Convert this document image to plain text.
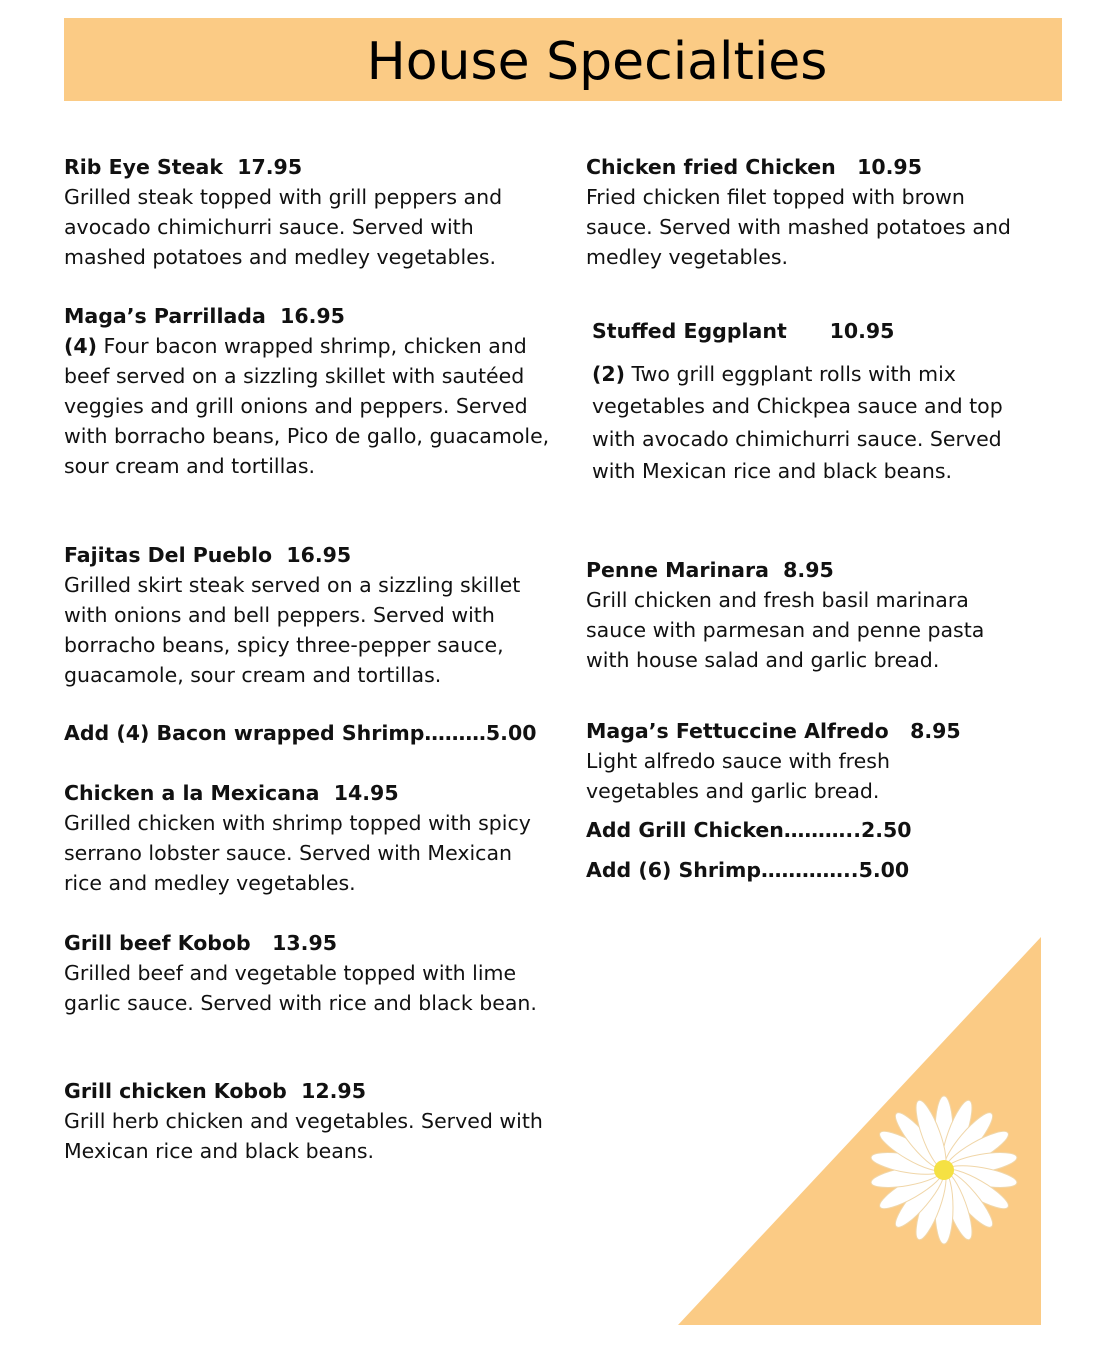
House Specialties
Rib Eye Steak  17.95
Grilled steak topped with grill peppers and avocado chimichurri sauce. Served with mashed potatoes and medley vegetables.
Maga’s Parrillada  16.95
(4) Four bacon wrapped shrimp, chicken and beef served on a sizzling skillet with sautéed veggies and grill onions and peppers. Served with borracho beans, Pico de gallo, guacamole, sour cream and tortillas.
Fajitas Del Pueblo  16.95
Grilled skirt steak served on a sizzling skillet with onions and bell peppers. Served with borracho beans, spicy three-pepper sauce, guacamole, sour cream and tortillas.
Add (4) Bacon wrapped Shrimp………5.00
Chicken a la Mexicana  14.95
Grilled chicken with shrimp topped with spicy serrano lobster sauce. Served with Mexican rice and medley vegetables.
Grill beef Kobob   13.95
Grilled beef and vegetable topped with lime garlic sauce. Served with rice and black bean.
Grill chicken Kobob  12.95
Grill herb chicken and vegetables. Served with Mexican rice and black beans.
Chicken fried Chicken   10.95
Fried chicken filet topped with brown sauce. Served with mashed potatoes and medley vegetables.
Stuffed Eggplant      10.95
(2) Two grill eggplant rolls with mix vegetables and Chickpea sauce and top with avocado chimichurri sauce. Served with Mexican rice and black beans.
Penne Marinara  8.95
Grill chicken and fresh basil marinara sauce with parmesan and penne pasta with house salad and garlic bread.
Maga’s Fettuccine Alfredo   8.95
Light alfredo sauce with fresh vegetables and garlic bread.
Add Grill Chicken………..2.50
Add (6) Shrimp…………..5.00
